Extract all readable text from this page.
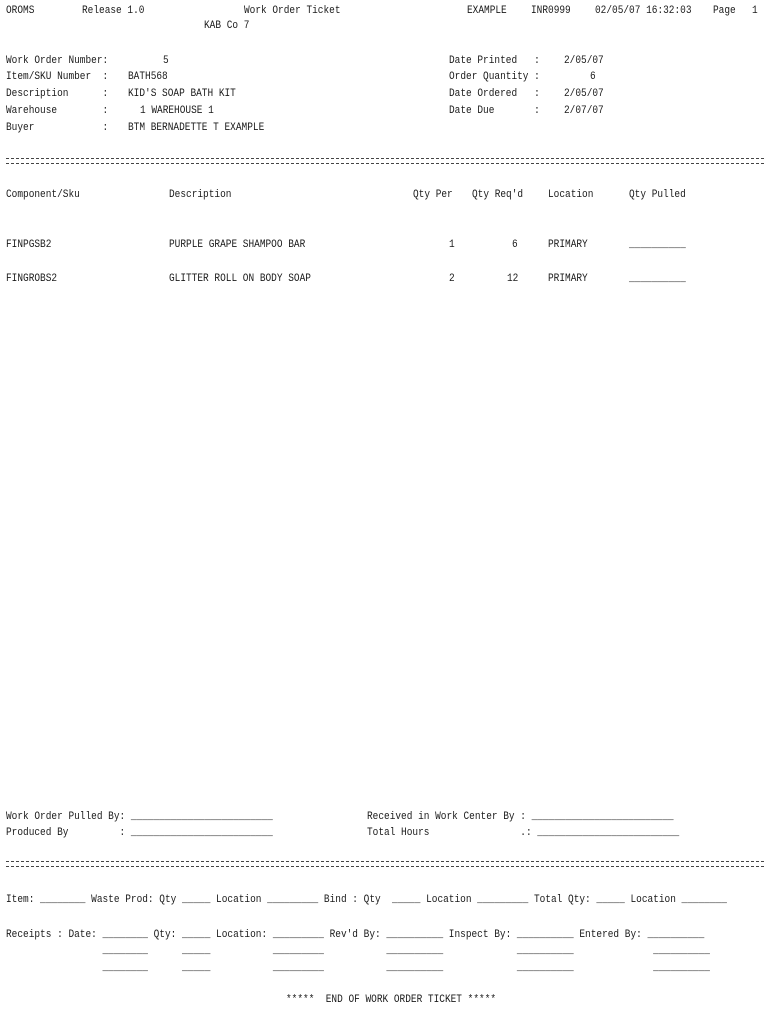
OROMS	Release 1.0	Work Order Ticket	EXAMPLE INR0999 02/05/07 16:32:03 Page 1
KAB Co 7
Work Order Number:	5
Item/SKU Number  : BATH568
Description      : KID'S SOAP BATH KIT
Warehouse        :	1 WAREHOUSE 1
Buyer            : BTM BERNADETTE T EXAMPLE
Date Printed   : 2/05/07
Order Quantity :	6
Date Ordered   : 2/05/07
Date Due       : 2/07/07
Component/Sku	Description	Qty Per Qty Req'd Location	Qty Pulled
FINPGSB2	PURPLE GRAPE SHAMPOO BAR	1	6	PRIMARY	__________
FINGROBS2	GLITTER ROLL ON BODY SOAP	2	12	PRIMARY	__________
Work Order Pulled By: _________________________
Produced By         : _________________________
Received in Work Center By : _________________________
Total Hours                .: _________________________
Item: ________ Waste Prod: Qty _____ Location _________ Bind : Qty  _____ Location _________ Total Qty: _____ Location ________
Receipts : Date: ________ Qty: _____ Location: _________ Rev'd By: __________ Inspect By: __________ Entered By: __________
________      _____           _________           __________             __________              __________
________      _____           _________           __________             __________              __________
*****  END OF WORK ORDER TICKET *****
